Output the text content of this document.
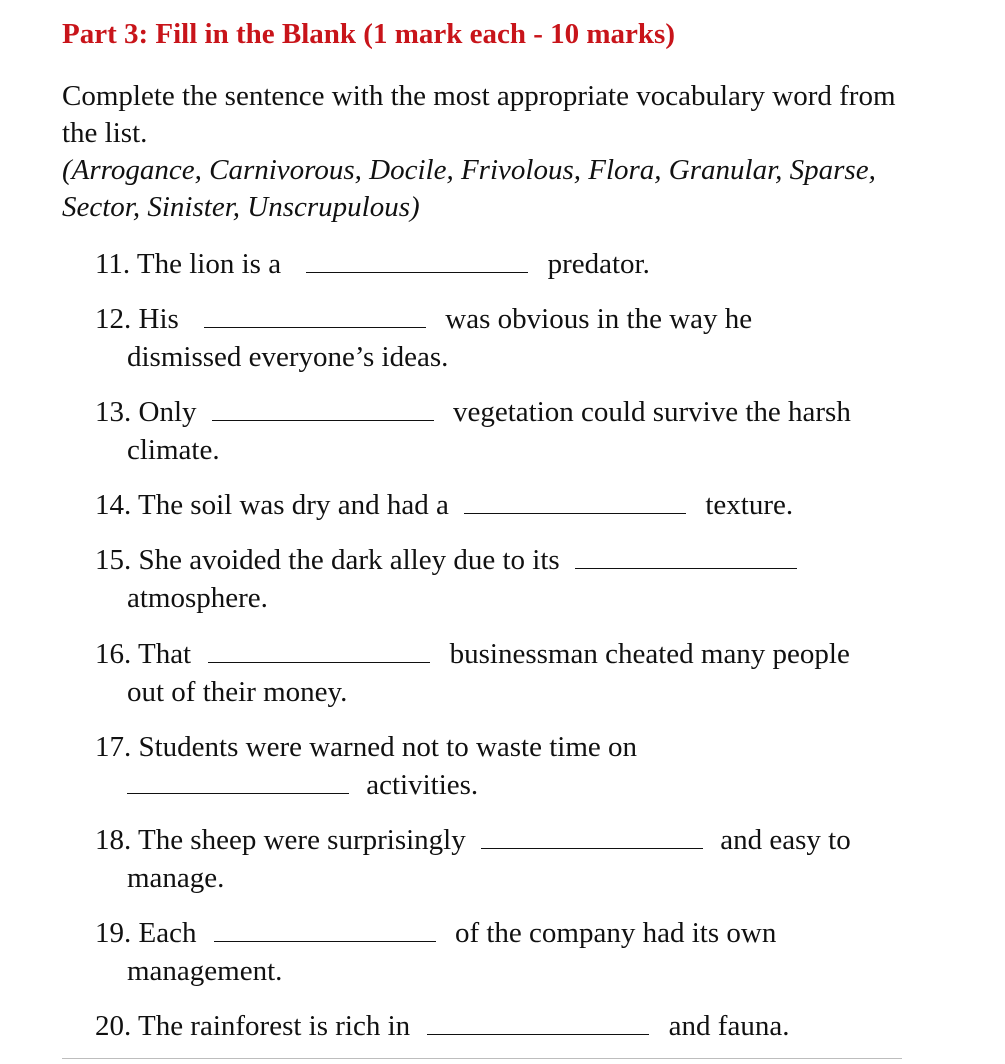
Part 3: Fill in the Blank (1 mark each - 10 marks)

Complete the sentence with the most appropriate vocabulary word from the list.

(Arrogance, Carnivorous, Docile, Frivolous, Flora, Granular, Sparse, Sector, Sinister, Unscrupulous)

11. The lion is a	predator.
12. His	was obvious in the way he
dismissed everyone’s ideas.
13. Only	vegetation could survive the harsh
climate.
14. The soil was dry and had a	texture.
15. She avoided the dark alley due to its
atmosphere.
16. That	businessman cheated many people
out of their money.
17. Students were warned not to waste time on
activities.
18. The sheep were surprisingly	and easy to
manage.
19. Each	of the company had its own
management.
20. The rainforest is rich in	and fauna.
